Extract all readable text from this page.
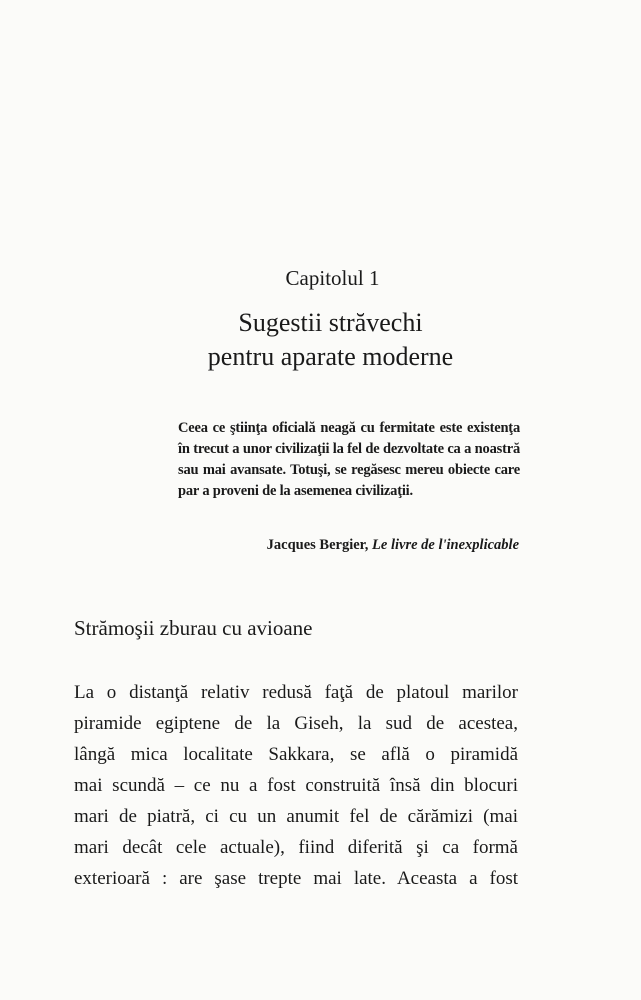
Capitolul 1
Sugestii străvechi
pentru aparate moderne
Ceea ce ştiinţa oficială neagă cu fermitate este existenţa în trecut a unor civilizaţii la fel de dezvoltate ca a noastră sau mai avansate. Totuşi, se regăsesc mereu obiecte care par a proveni de la asemenea civilizaţii.
Jacques Bergier, Le livre de l'inexplicable
Strămoşii zburau cu avioane
La o distanţă relativ redusă faţă de platoul marilor
piramide egiptene de la Giseh, la sud de acestea,
lângă mica localitate Sakkara, se află o piramidă
mai scundă – ce nu a fost construită însă din blocuri
mari de piatră, ci cu un anumit fel de cărămizi (mai
mari decât cele actuale), fiind diferită şi ca formă
exterioară : are şase trepte mai late. Aceasta a fost
